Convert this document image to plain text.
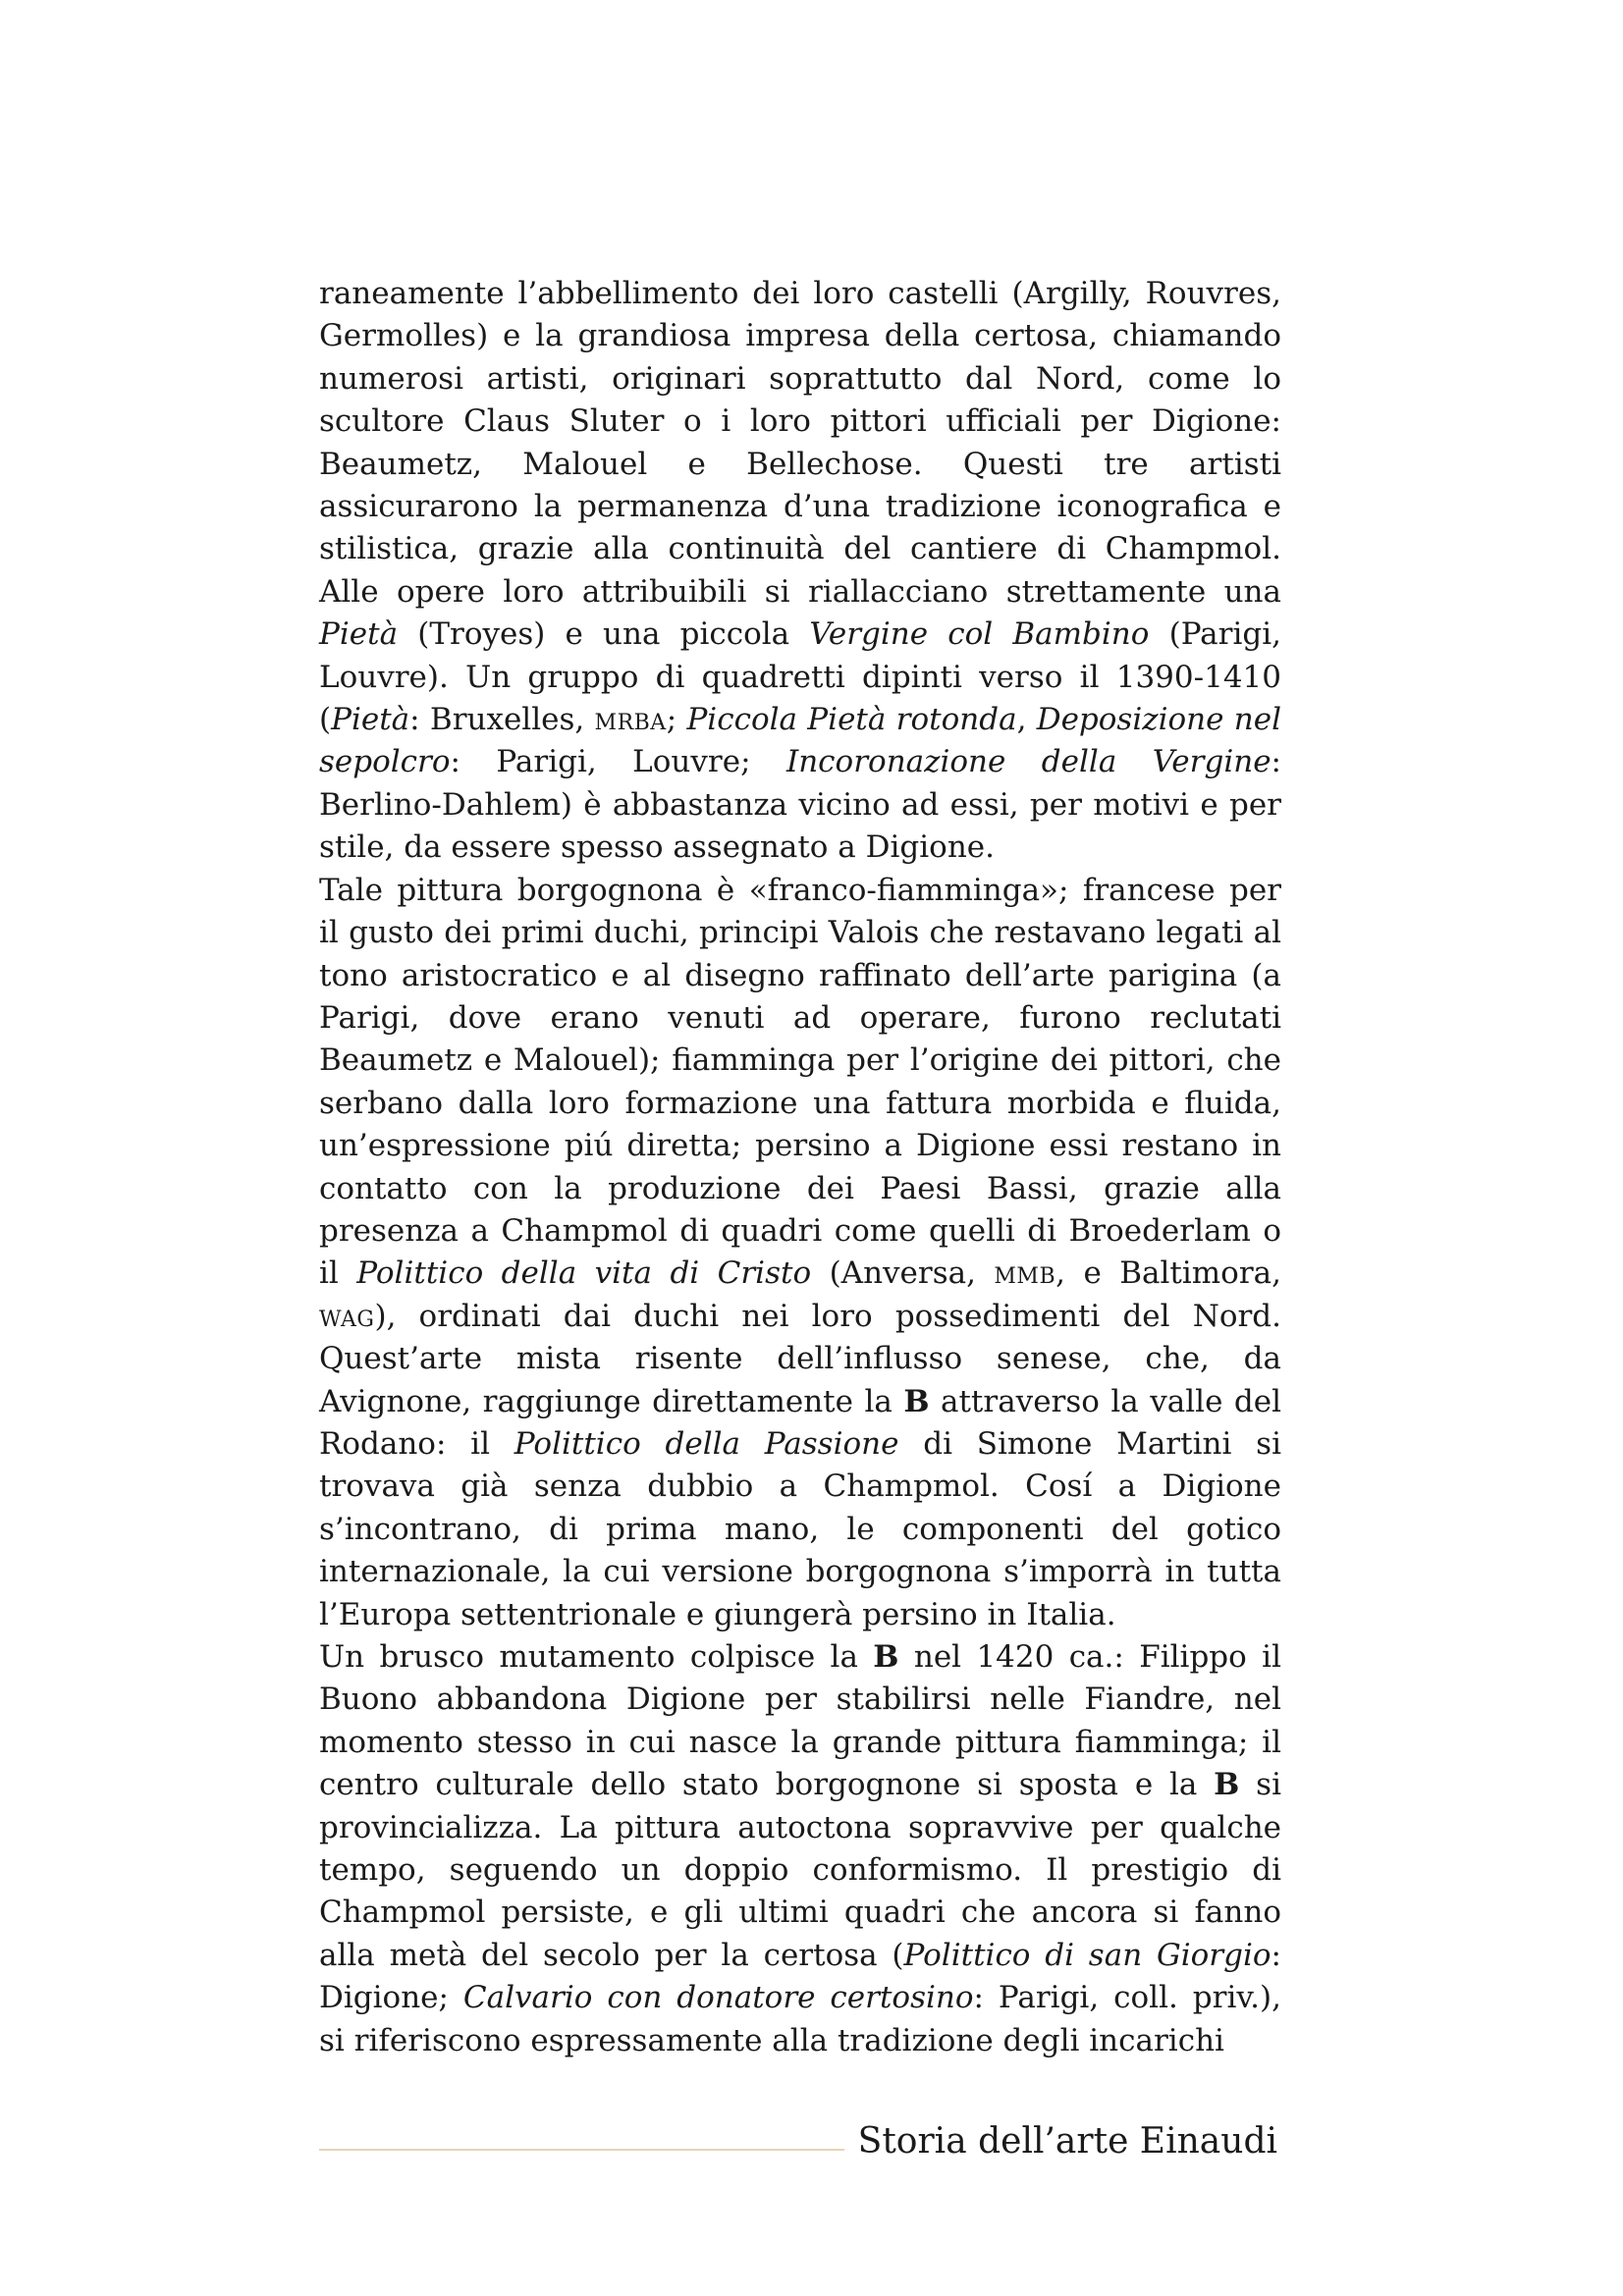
raneamente l’abbellimento dei loro castelli (Argilly, Rouvres, Germolles) e la grandiosa impresa della certosa, chiamando numerosi artisti, originari soprattutto dal Nord, come lo scultore Claus Sluter o i loro pittori ufficiali per Digione: Beaumetz, Malouel e Bellechose. Questi tre artisti assicurarono la permanenza d’una tradizione iconografica e stilistica, grazie alla continuità del cantiere di Champmol. Alle opere loro attribuibili si riallacciano strettamente una Pietà (Troyes) e una piccola Vergine col Bambino (Parigi, Louvre). Un gruppo di quadretti dipinti verso il 1390-1410 (Pietà: Bruxelles, mrba; Piccola Pietà rotonda, Deposizione nel sepolcro: Parigi, Louvre; Incoronazione della Vergine: Berlino-Dahlem) è abbastanza vicino ad essi, per motivi e per stile, da essere spesso assegnato a Digione.

Tale pittura borgognona è «franco-fiamminga»; francese per il gusto dei primi duchi, principi Valois che restavano legati al tono aristocratico e al disegno raffinato dell’arte parigina (a Parigi, dove erano venuti ad operare, furono reclutati Beaumetz e Malouel); fiamminga per l’origine dei pittori, che serbano dalla loro formazione una fattura morbida e fluida, un’espressione piú diretta; persino a Digione essi restano in contatto con la produzione dei Paesi Bassi, grazie alla presenza a Champmol di quadri come quelli di Broederlam o il Polittico della vita di Cristo (Anversa, mmb, e Baltimora, wag), ordinati dai duchi nei loro possedimenti del Nord. Quest’arte mista risente dell’influsso senese, che, da Avignone, raggiunge direttamente la B attraverso la valle del Rodano: il Polittico della Passione di Simone Martini si trovava già senza dubbio a Champmol. Cosí a Digione s’incontrano, di prima mano, le componenti del gotico internazionale, la cui versione borgognona s’imporrà in tutta l’Europa settentrionale e giungerà persino in Italia.

Un brusco mutamento colpisce la B nel 1420 ca.: Filippo il Buono abbandona Digione per stabilirsi nelle Fiandre, nel momento stesso in cui nasce la grande pittura fiamminga; il centro culturale dello stato borgognone si sposta e la B si provincializza. La pittura autoctona sopravvive per qualche tempo, seguendo un doppio conformismo. Il prestigio di Champmol persiste, e gli ultimi quadri che ancora si fanno alla metà del secolo per la certosa (Polittico di san Giorgio: Digione; Calvario con donatore certosino: Parigi, coll. priv.), si riferiscono espressamente alla tradizione degli incarichi

Storia dell’arte Einaudi
